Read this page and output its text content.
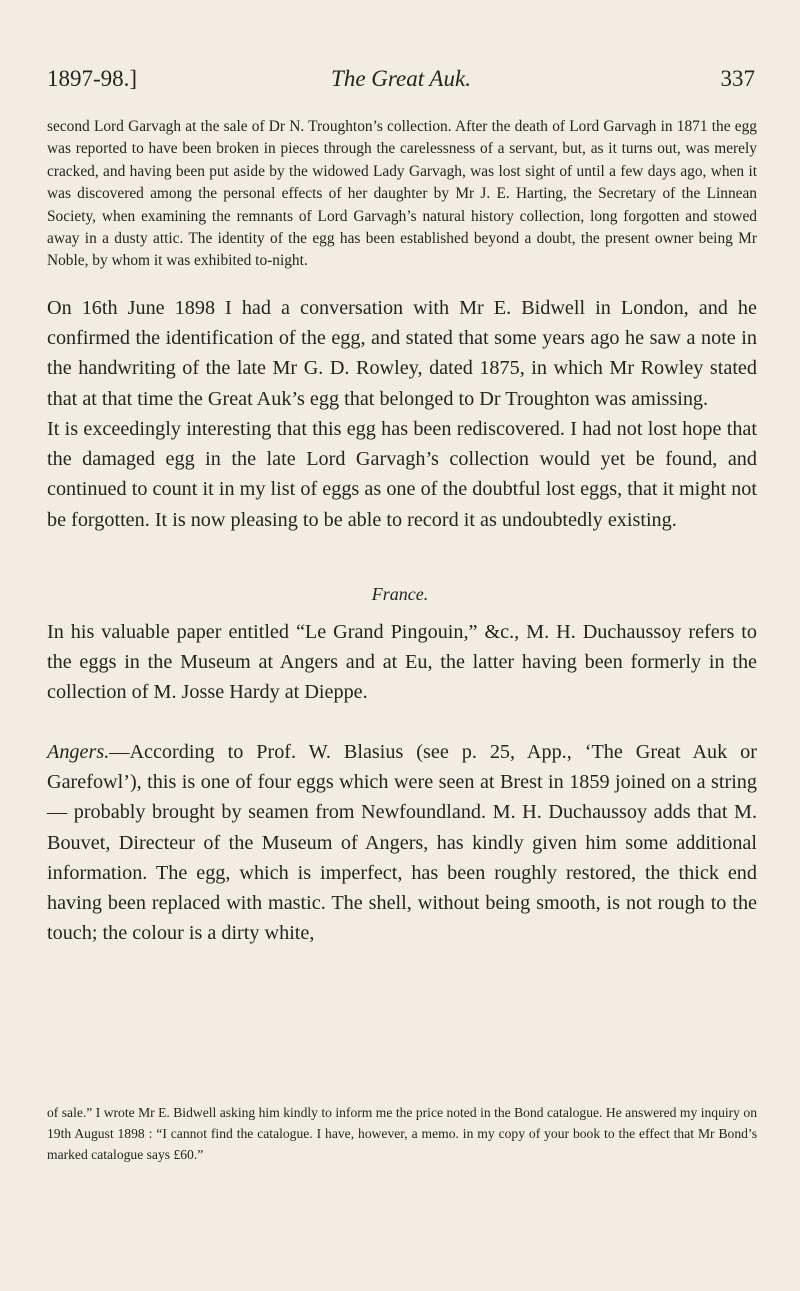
1897-98.]	The Great Auk.	337

second Lord Garvagh at the sale of Dr N. Troughton’s collection. After the death of Lord Garvagh in 1871 the egg was reported to have been broken in pieces through the carelessness of a servant, but, as it turns out, was merely cracked, and having been put aside by the widowed Lady Garvagh, was lost sight of until a few days ago, when it was discovered among the personal effects of her daughter by Mr J. E. Harting, the Secretary of the Linnean Society, when examining the remnants of Lord Garvagh’s natural history collection, long forgotten and stowed away in a dusty attic. The identity of the egg has been established beyond a doubt, the present owner being Mr Noble, by whom it was exhibited to-night.

On 16th June 1898 I had a conversation with Mr E. Bidwell in London, and he confirmed the identification of the egg, and stated that some years ago he saw a note in the handwriting of the late Mr G. D. Rowley, dated 1875, in which Mr Rowley stated that at that time the Great Auk’s egg that belonged to Dr Troughton was amissing.

It is exceedingly interesting that this egg has been rediscovered. I had not lost hope that the damaged egg in the late Lord Garvagh’s collection would yet be found, and continued to count it in my list of eggs as one of the doubtful lost eggs, that it might not be forgotten. It is now pleasing to be able to record it as undoubtedly existing.

France.

In his valuable paper entitled “Le Grand Pingouin,” &c., M. H. Duchaussoy refers to the eggs in the Museum at Angers and at Eu, the latter having been formerly in the collection of M. Josse Hardy at Dieppe.

Angers.—According to Prof. W. Blasius (see p. 25, App., ‘The Great Auk or Garefowl’), this is one of four eggs which were seen at Brest in 1859 joined on a string — probably brought by seamen from Newfoundland. M. H. Duchaussoy adds that M. Bouvet, Directeur of the Museum of Angers, has kindly given him some additional information. The egg, which is imperfect, has been roughly restored, the thick end having been replaced with mastic. The shell, without being smooth, is not rough to the touch; the colour is a dirty white,

of sale.” I wrote Mr E. Bidwell asking him kindly to inform me the price noted in the Bond catalogue. He answered my inquiry on 19th August 1898 : “I cannot find the catalogue. I have, however, a memo. in my copy of your book to the effect that Mr Bond’s marked catalogue says £60.”
